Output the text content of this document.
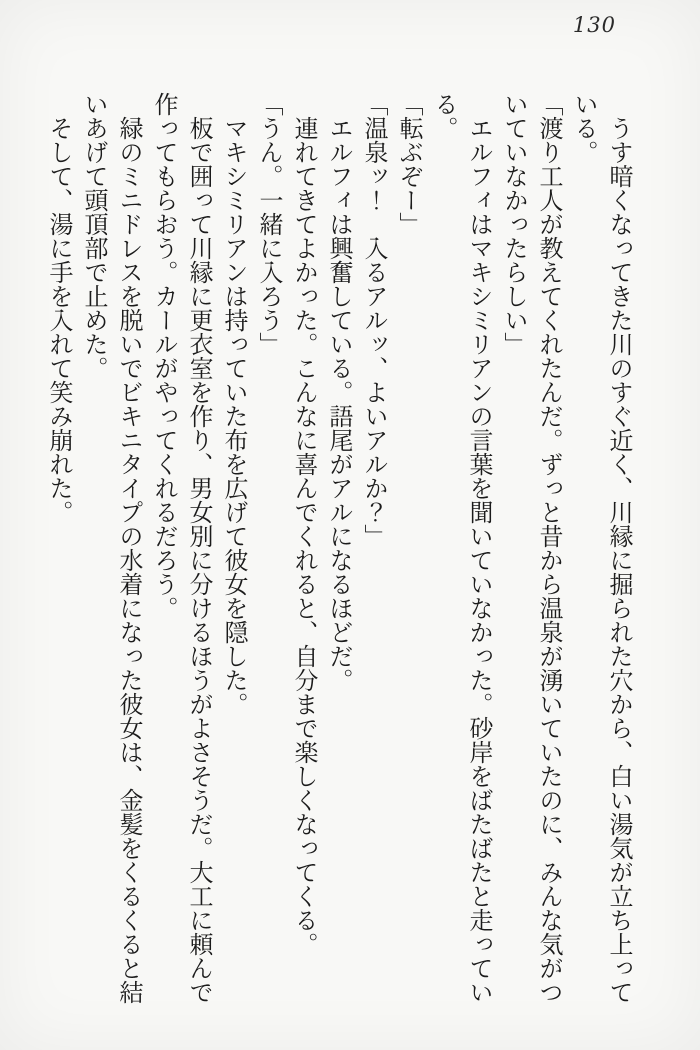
130

うす暗くなってきた川のすぐ近く、川縁に掘られた穴から、白い湯気が立ち上っている。

「渡り工人が教えてくれたんだ。ずっと昔から温泉が湧いていたのに、みんな気がついていなかったらしい」

エルフィはマキシミリアンの言葉を聞いていなかった。砂岸をばたばたと走っている。

「転ぶぞー」

「温泉ッ！　入るアルッ、よいアルか？」

エルフィは興奮している。語尾がアルになるほどだ。

連れてきてよかった。こんなに喜んでくれると、自分まで楽しくなってくる。

「うん。一緒に入ろう」

マキシミリアンは持っていた布を広げて彼女を隠した。

板で囲って川縁に更衣室を作り、男女別に分けるほうがよさそうだ。大工に頼んで作ってもらおう。カールがやってくれるだろう。

緑のミニドレスを脱いでビキニタイプの水着になった彼女は、金髪をくるくると結いあげて頭頂部で止めた。

そして、湯に手を入れて笑み崩れた。
